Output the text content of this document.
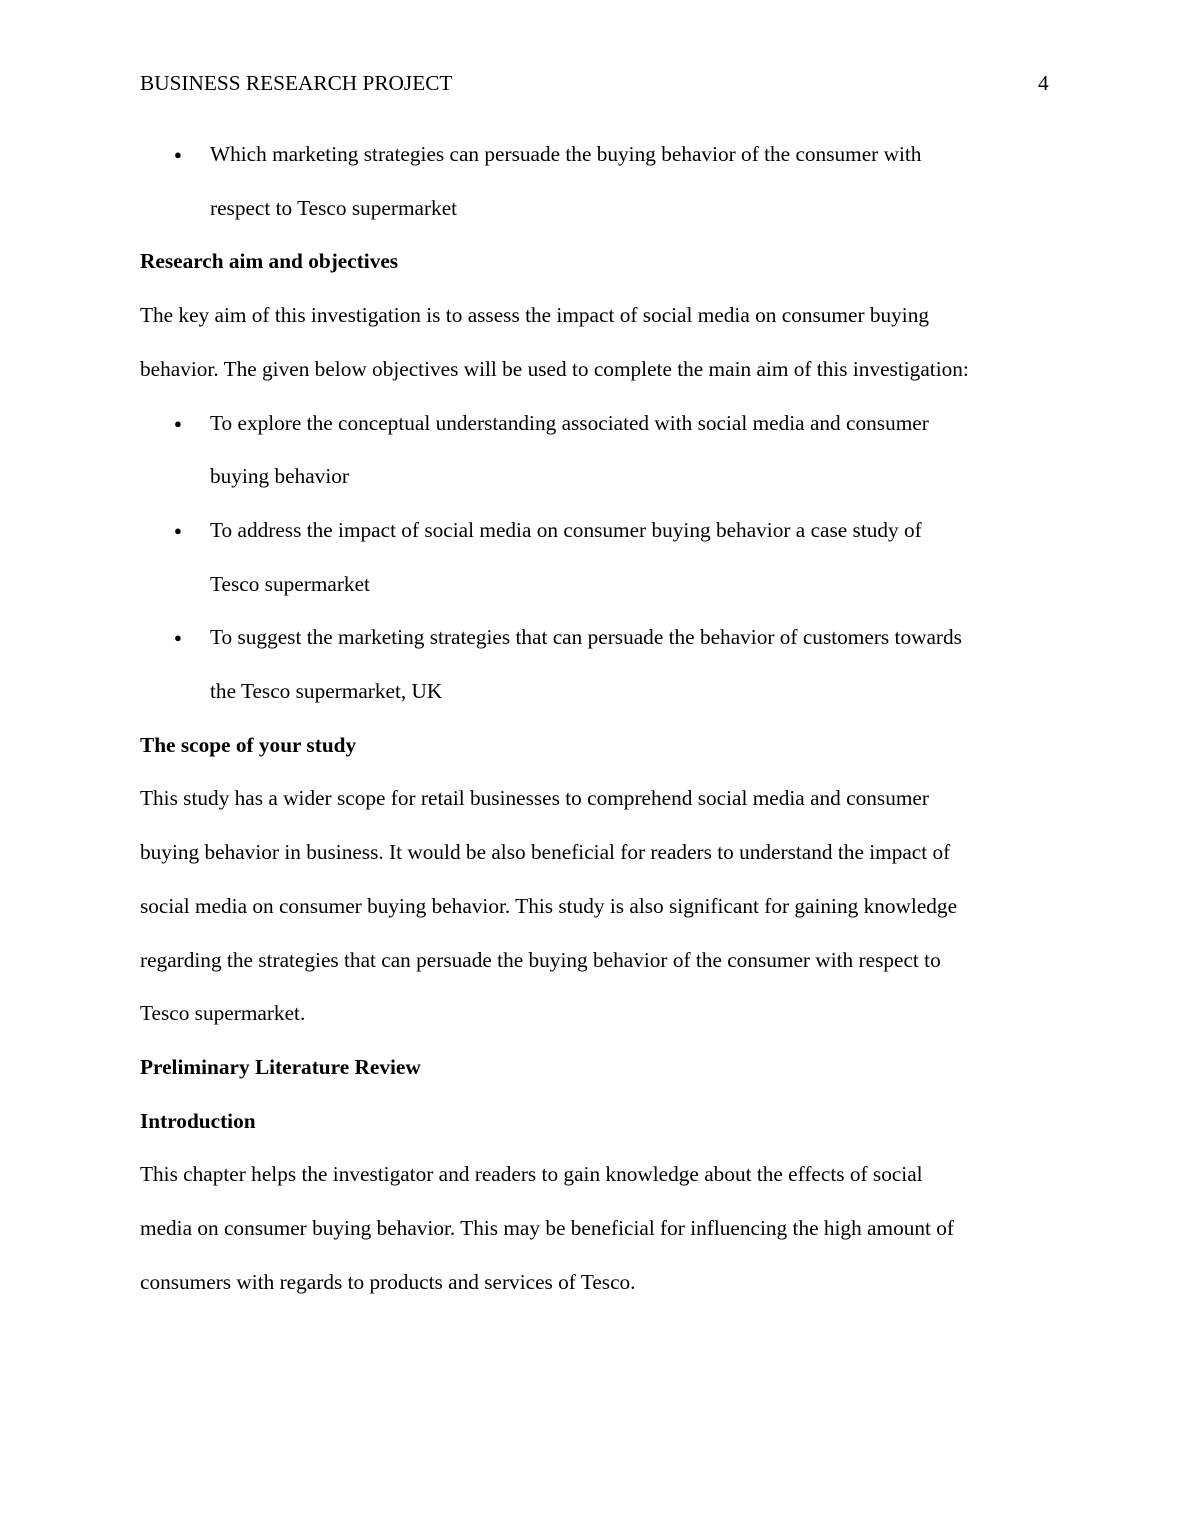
BUSINESS RESEARCH PROJECT	4
● Which marketing strategies can persuade the buying behavior of the consumer with
respect to Tesco supermarket
Research aim and objectives
The key aim of this investigation is to assess the impact of social media on consumer buying
behavior. The given below objectives will be used to complete the main aim of this investigation:
● To explore the conceptual understanding associated with social media and consumer
buying behavior
● To address the impact of social media on consumer buying behavior a case study of
Tesco supermarket
● To suggest the marketing strategies that can persuade the behavior of customers towards
the Tesco supermarket, UK
The scope of your study
This study has a wider scope for retail businesses to comprehend social media and consumer
buying behavior in business. It would be also beneficial for readers to understand the impact of
social media on consumer buying behavior. This study is also significant for gaining knowledge
regarding the strategies that can persuade the buying behavior of the consumer with respect to
Tesco supermarket.
Preliminary Literature Review
Introduction
This chapter helps the investigator and readers to gain knowledge about the effects of social
media on consumer buying behavior. This may be beneficial for influencing the high amount of
consumers with regards to products and services of Tesco.
